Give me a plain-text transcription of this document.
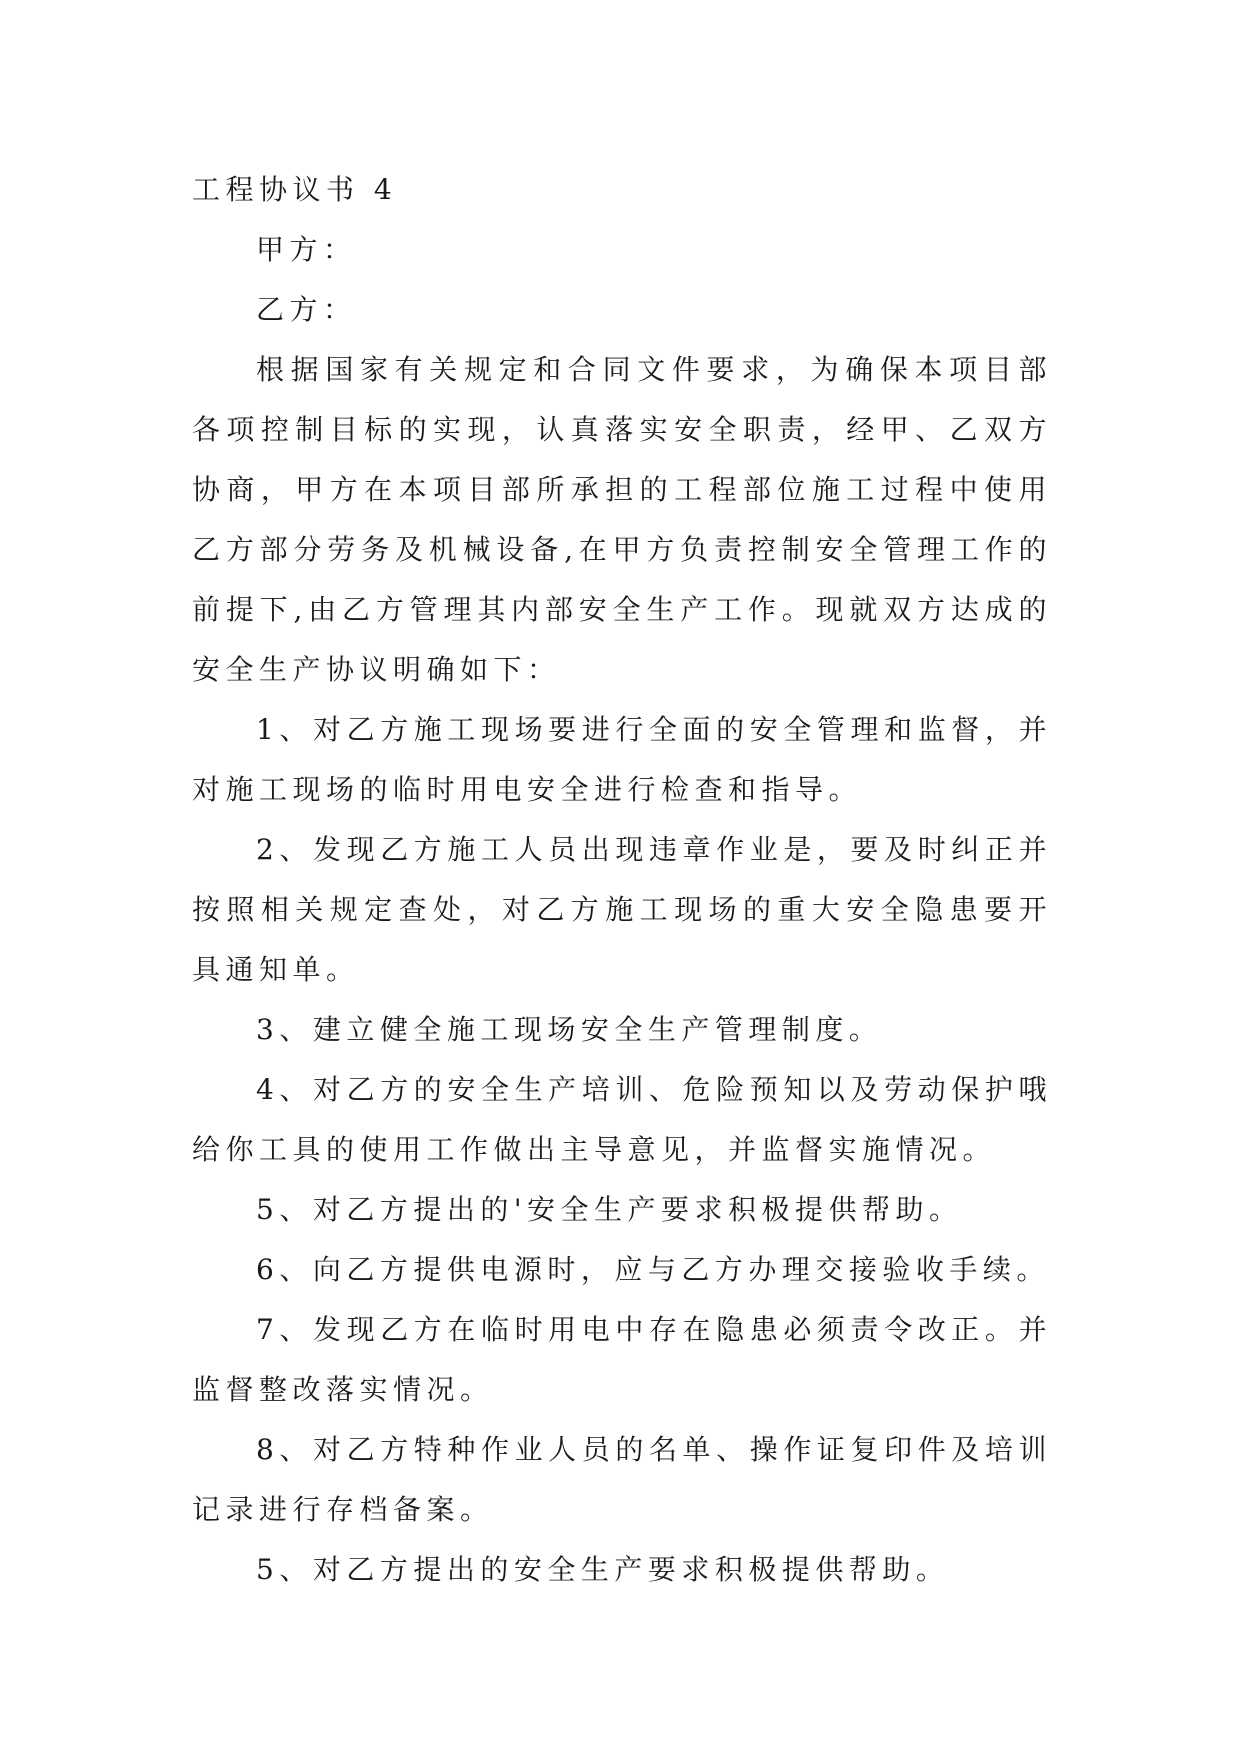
工程协议书 4

甲方：

乙方：

根据国家有关规定和合同文件要求，为确保本项目部各项控制目标的实现，认真落实安全职责，经甲、乙双方协商，甲方在本项目部所承担的工程部位施工过程中使用乙方部分劳务及机械设备,在甲方负责控制安全管理工作的前提下,由乙方管理其内部安全生产工作。现就双方达成的安全生产协议明确如下：

1、对乙方施工现场要进行全面的安全管理和监督，并对施工现场的临时用电安全进行检查和指导。

2、发现乙方施工人员出现违章作业是，要及时纠正并按照相关规定查处，对乙方施工现场的重大安全隐患要开具通知单。

3、建立健全施工现场安全生产管理制度。

4、对乙方的安全生产培训、危险预知以及劳动保护哦给你工具的使用工作做出主导意见，并监督实施情况。

5、对乙方提出的'安全生产要求积极提供帮助。

6、向乙方提供电源时，应与乙方办理交接验收手续。

7、发现乙方在临时用电中存在隐患必须责令改正。并监督整改落实情况。

8、对乙方特种作业人员的名单、操作证复印件及培训记录进行存档备案。

5、对乙方提出的安全生产要求积极提供帮助。
